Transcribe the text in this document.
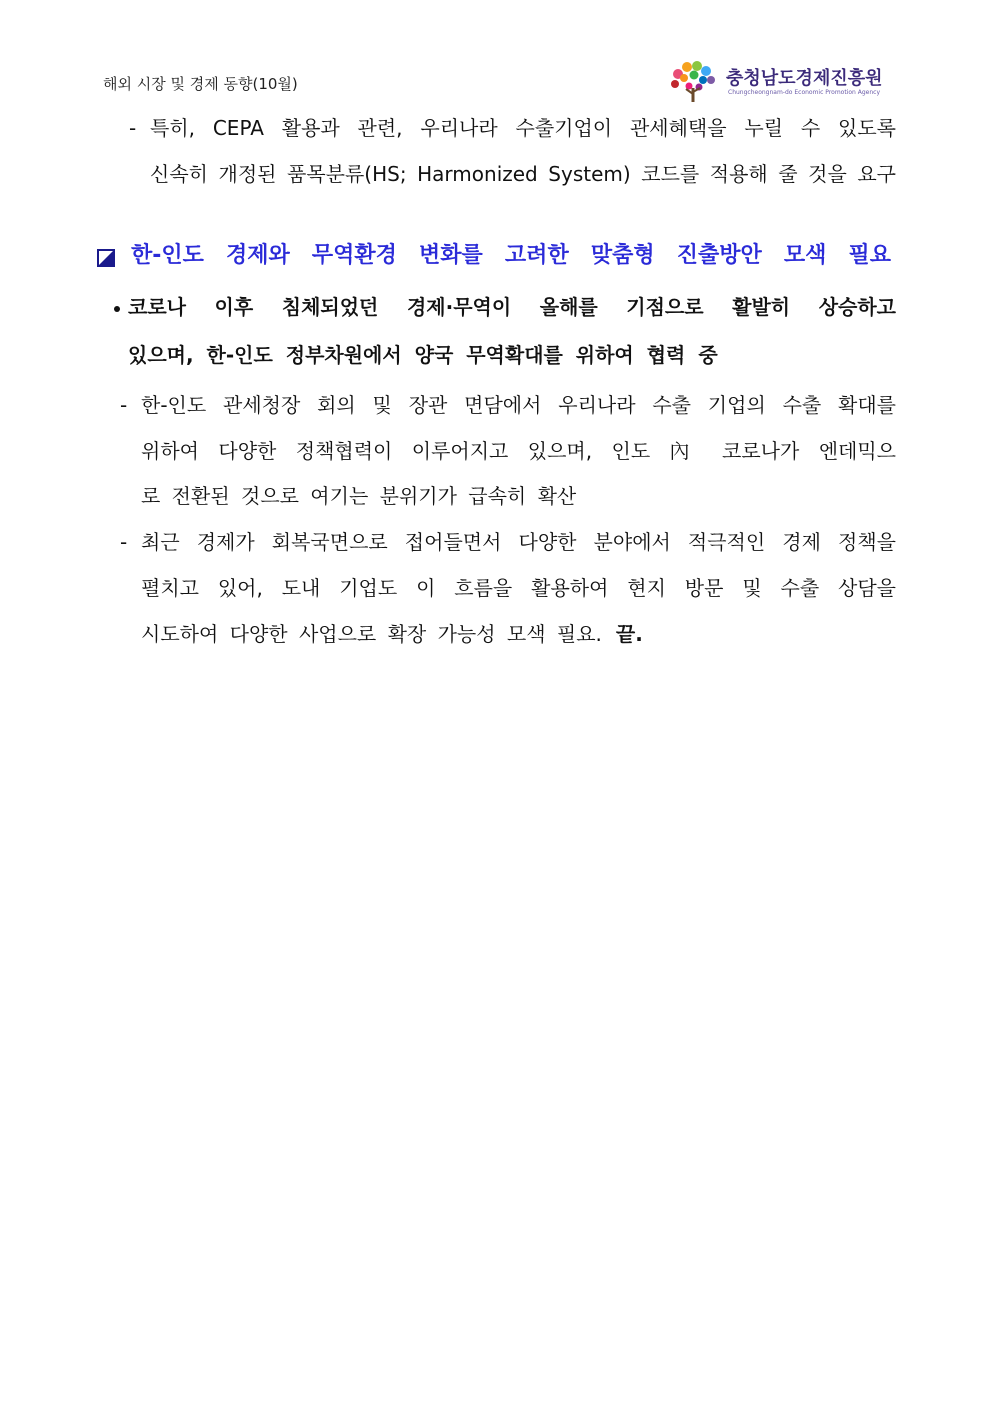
해외 시장 및 경제 동향(10월)	충청남도경제진흥원
Chungcheongnam-do Economic Promotion Agency
- 특히, CEPA 활용과 관련, 우리나라 수출기업이 관세혜택을 누릴 수 있도록
신속히 개정된 품목분류(HS; Harmonized System) 코드를 적용해 줄 것을 요구
한-인도 경제와 무역환경 변화를 고려한 맞춤형 진출방안 모색 필요
코로나 이후 침체되었던 경제·무역이 올해를 기점으로 활발히 상승하고
있으며, 한-인도 정부차원에서 양국 무역확대를 위하여 협력 중
- 한-인도 관세청장 회의 및 장관 면담에서 우리나라 수출 기업의 수출 확대를
위하여 다양한 정책협력이 이루어지고 있으며, 인도 內 코로나가 엔데믹으
로 전환된 것으로 여기는 분위기가 급속히 확산
- 최근 경제가 회복국면으로 접어들면서 다양한 분야에서 적극적인 경제 정책을
펼치고 있어, 도내 기업도 이 흐름을 활용하여 현지 방문 및 수출 상담을
시도하여 다양한 사업으로 확장 가능성 모색 필요. 끝.
